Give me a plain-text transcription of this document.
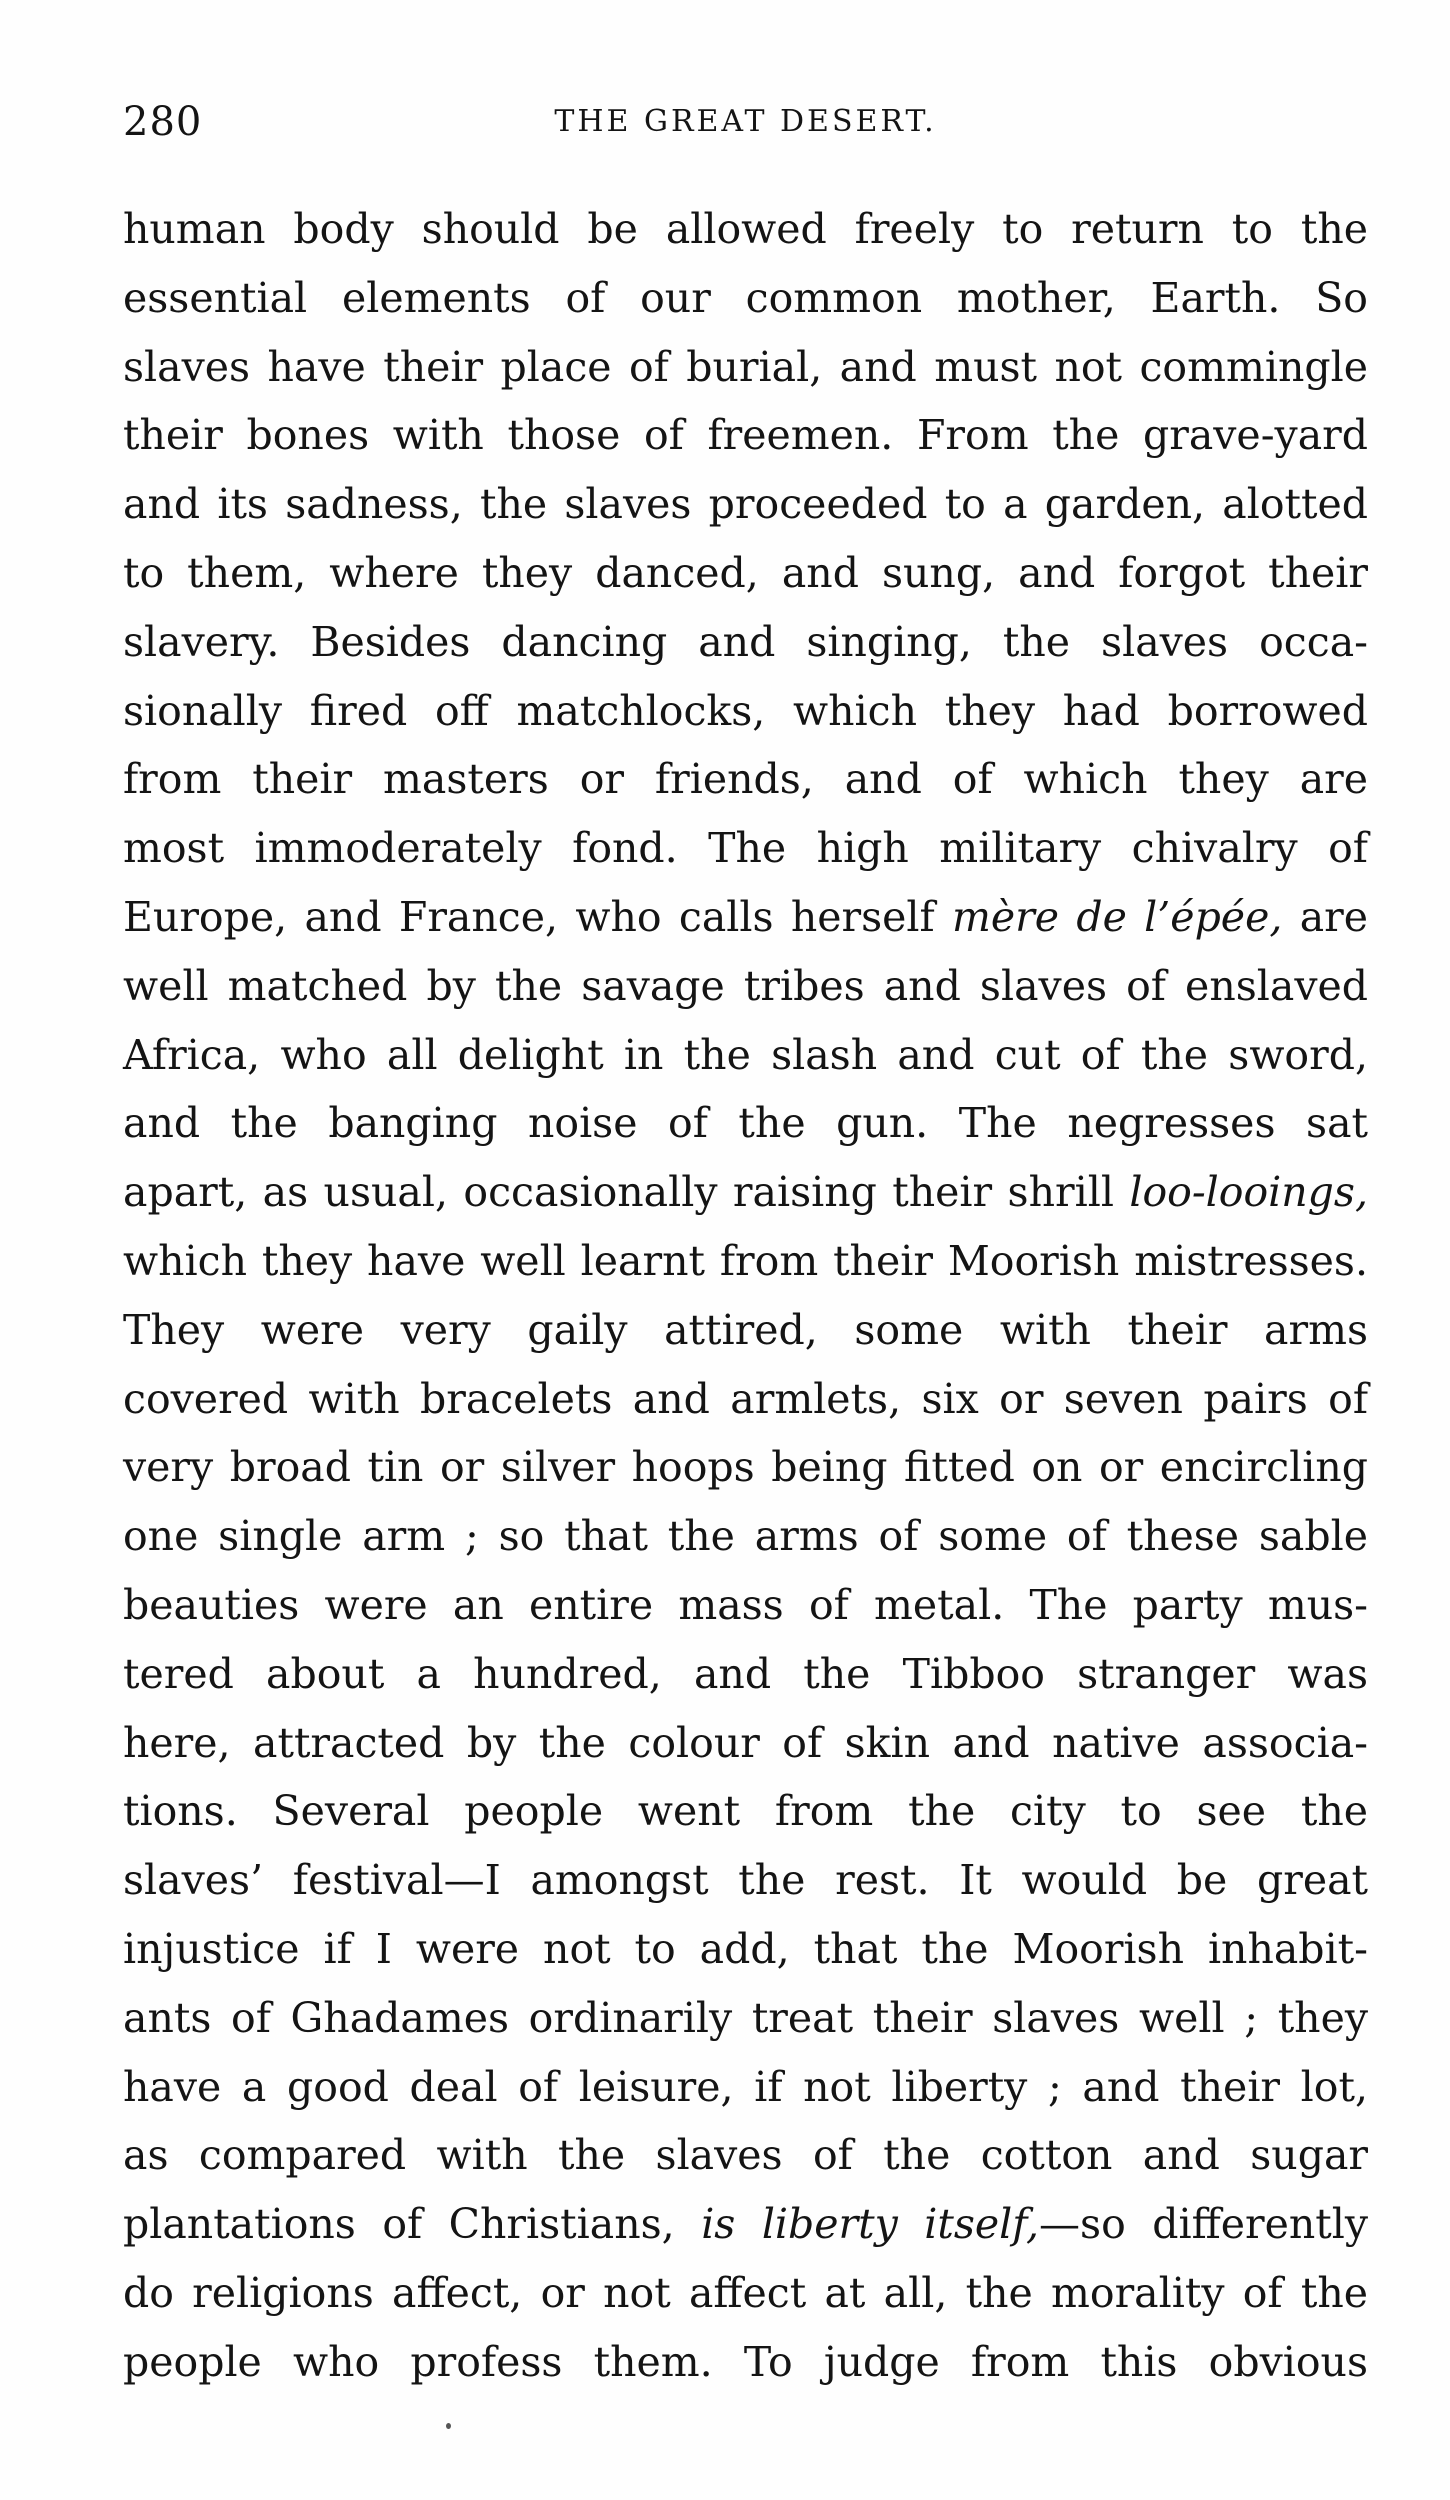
280	THE GREAT DESERT.
human body should be allowed freely to return to the
essential elements of our common mother, Earth. So
slaves have their place of burial, and must not commingle
their bones with those of freemen. From the grave-yard
and its sadness, the slaves proceeded to a garden, alotted
to them, where they danced, and sung, and forgot their
slavery. Besides dancing and singing, the slaves occa-
sionally fired off matchlocks, which they had borrowed
from their masters or friends, and of which they are
most immoderately fond. The high military chivalry of
Europe, and France, who calls herself mère de l’épée, are
well matched by the savage tribes and slaves of enslaved
Africa, who all delight in the slash and cut of the sword,
and the banging noise of the gun. The negresses sat
apart, as usual, occasionally raising their shrill loo-looings,
which they have well learnt from their Moorish mistresses.
They were very gaily attired, some with their arms
covered with bracelets and armlets, six or seven pairs of
very broad tin or silver hoops being fitted on or encircling
one single arm ; so that the arms of some of these sable
beauties were an entire mass of metal. The party mus-
tered about a hundred, and the Tibboo stranger was
here, attracted by the colour of skin and native associa-
tions. Several people went from the city to see the
slaves’ festival—I amongst the rest. It would be great
injustice if I were not to add, that the Moorish inhabit-
ants of Ghadames ordinarily treat their slaves well ; they
have a good deal of leisure, if not liberty ; and their lot,
as compared with the slaves of the cotton and sugar
plantations of Christians, is liberty itself,—so differently
do religions affect, or not affect at all, the morality of the
people who profess them. To judge from this obvious
